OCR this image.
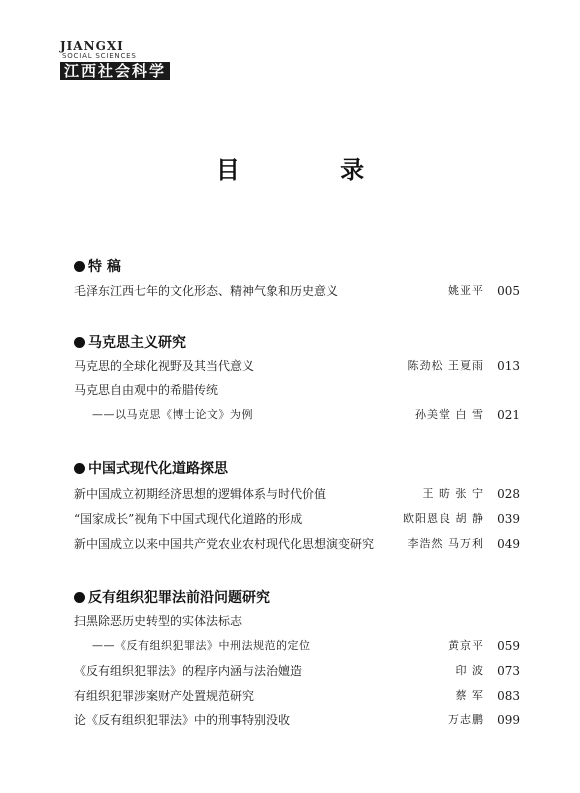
JIANGXI
SOCIAL SCIENCES
江西社会科学
目 录
特 稿
毛泽东江西七年的文化形态、精神气象和历史意义	姚亚平 005
马克思主义研究
马克思的全球化视野及其当代意义	陈劲松 王夏雨 013
马克思自由观中的希腊传统
——以马克思《博士论文》为例	孙美堂 白 雪 021
中国式现代化道路探思
新中国成立初期经济思想的逻辑体系与时代价值	王 昉 张 宁 028
“国家成长”视角下中国式现代化道路的形成	欧阳恩良 胡 静 039
新中国成立以来中国共产党农业农村现代化思想演变研究	李浩然 马万利 049
反有组织犯罪法前沿问题研究
扫黑除恶历史转型的实体法标志
——《反有组织犯罪法》中刑法规范的定位	黄京平 059
《反有组织犯罪法》的程序内涵与法治嬗造	印 波 073
有组织犯罪涉案财产处置规范研究	蔡 军 083
论《反有组织犯罪法》中的刑事特别没收	万志鹏 099
